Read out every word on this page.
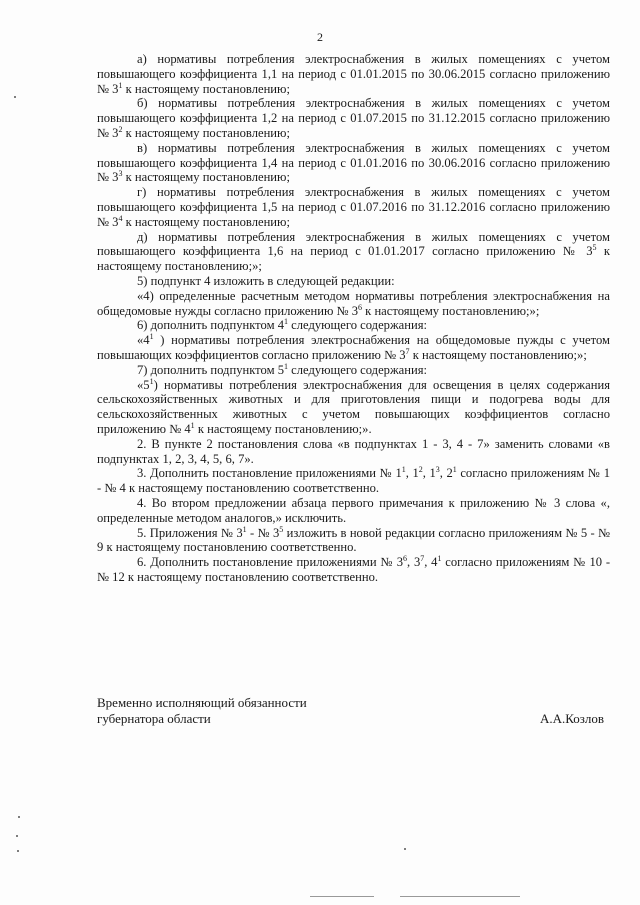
2

а) нормативы потребления электроснабжения в жилых помещениях с учетом повышающего коэффициента 1,1 на период с 01.01.2015 по 30.06.2015 согласно приложению № $3^1$ к настоящему постановлению;

б) нормативы потребления электроснабжения в жилых помещениях с учетом повышающего коэффициента 1,2 на период с 01.07.2015 по 31.12.2015 согласно приложению № $3^2$ к настоящему постановлению;

в) нормативы потребления электроснабжения в жилых помещениях с учетом повышающего коэффициента 1,4 на период с 01.01.2016 по 30.06.2016 согласно приложению № $3^3$ к настоящему постановлению;

г) нормативы потребления электроснабжения в жилых помещениях с учетом повышающего коэффициента 1,5 на период с 01.07.2016 по 31.12.2016 согласно приложению № $3^4$ к настоящему постановлению;

д) нормативы потребления электроснабжения в жилых помещениях с учетом повышающего коэффициента 1,6 на период с 01.01.2017 согласно приложению № $3^5$ к настоящему постановлению;»;

5) подпункт 4 изложить в следующей редакции:

«4) определенные расчетным методом нормативы потребления электроснабжения на общедомовые нужды согласно приложению № $3^6$ к настоящему постановлению;»;

6) дополнить подпунктом $4^1$ следующего содержания:

«$4^1$ ) нормативы потребления электроснабжения на общедомовые пужды с учетом повышающих коэффициентов согласно приложению № $3^7$ к настоящему постановлению;»;

7) дополнить подпунктом $5^1$ следующего содержания:

«$5^1$) нормативы потребления электроснабжения для освещения в целях содержания сельскохозяйственных животных и для приготовления пищи и подогрева воды для сельскохозяйственных животных с учетом повышающих коэффициентов согласно приложению № $4^1$ к настоящему постановлению;».

2. В пункте 2 постановления слова «в подпунктах 1 - 3, 4 - 7» заменить словами «в подпунктах 1, 2, 3, 4, 5, 6, 7».

3. Дополнить постановление приложениями № $1^1$, $1^2$, $1^3$, $2^1$ согласно приложениям № 1 - № 4 к настоящему постановлению соответственно.

4. Во втором предложении абзаца первого примечания к приложению № 3 слова «, определенные методом аналогов,» исключить.

5. Приложения № $3^1$ - № $3^5$ изложить в новой редакции согласно приложениям № 5 - № 9 к настоящему постановлению соответственно.

6. Дополнить постановление приложениями № $3^6$, $3^7$, $4^1$ согласно приложениям № 10 - № 12 к настоящему постановлению соответственно.

Временно исполняющий обязанности
губернатора области	А.А.Козлов
